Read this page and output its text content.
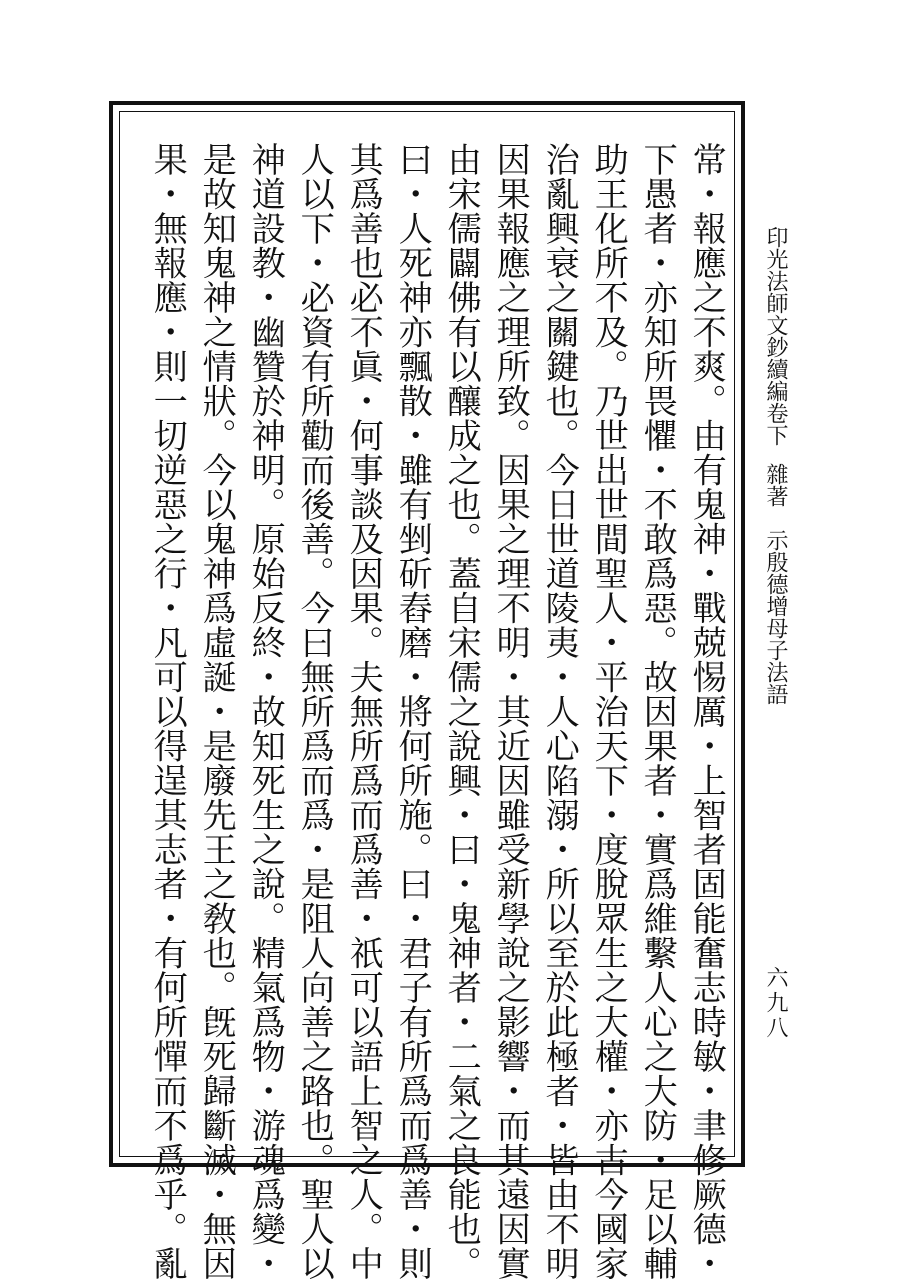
常・報應之不爽。由有鬼神・戰兢惕厲・上智者固能奮志時敏・聿修厥德・
下愚者・亦知所畏懼・不敢爲惡。故因果者・實爲維繫人心之大防・足以輔
助王化所不及。乃世出世間聖人・平治天下・度脫眾生之大權・亦古今國家
治亂興衰之關鍵也。今日世道陵夷・人心陷溺・所以至於此極者・皆由不明
因果報應之理所致。因果之理不明・其近因雖受新學說之影響・而其遠因實
由宋儒闢佛有以釀成之也。蓋自宋儒之說興・曰・鬼神者・二氣之良能也。
曰・人死神亦飄散・雖有剉斫舂磨・將何所施。曰・君子有所爲而爲善・則
其爲善也必不眞・何事談及因果。夫無所爲而爲善・祇可以語上智之人。中
人以下・必資有所勸而後善。今曰無所爲而爲・是阻人向善之路也。聖人以
神道設教・幽贊於神明。原始反終・故知死生之說。精氣爲物・游魂爲變・
是故知鬼神之情狀。今以鬼神爲虛誕・是廢先王之敎也。旣死歸斷滅・無因
果・無報應・則一切逆惡之行・凡可以得逞其志者・有何所憚而不爲乎。亂	印光法師文鈔續編卷下
雜著
示殷德增母子法語
六九八
